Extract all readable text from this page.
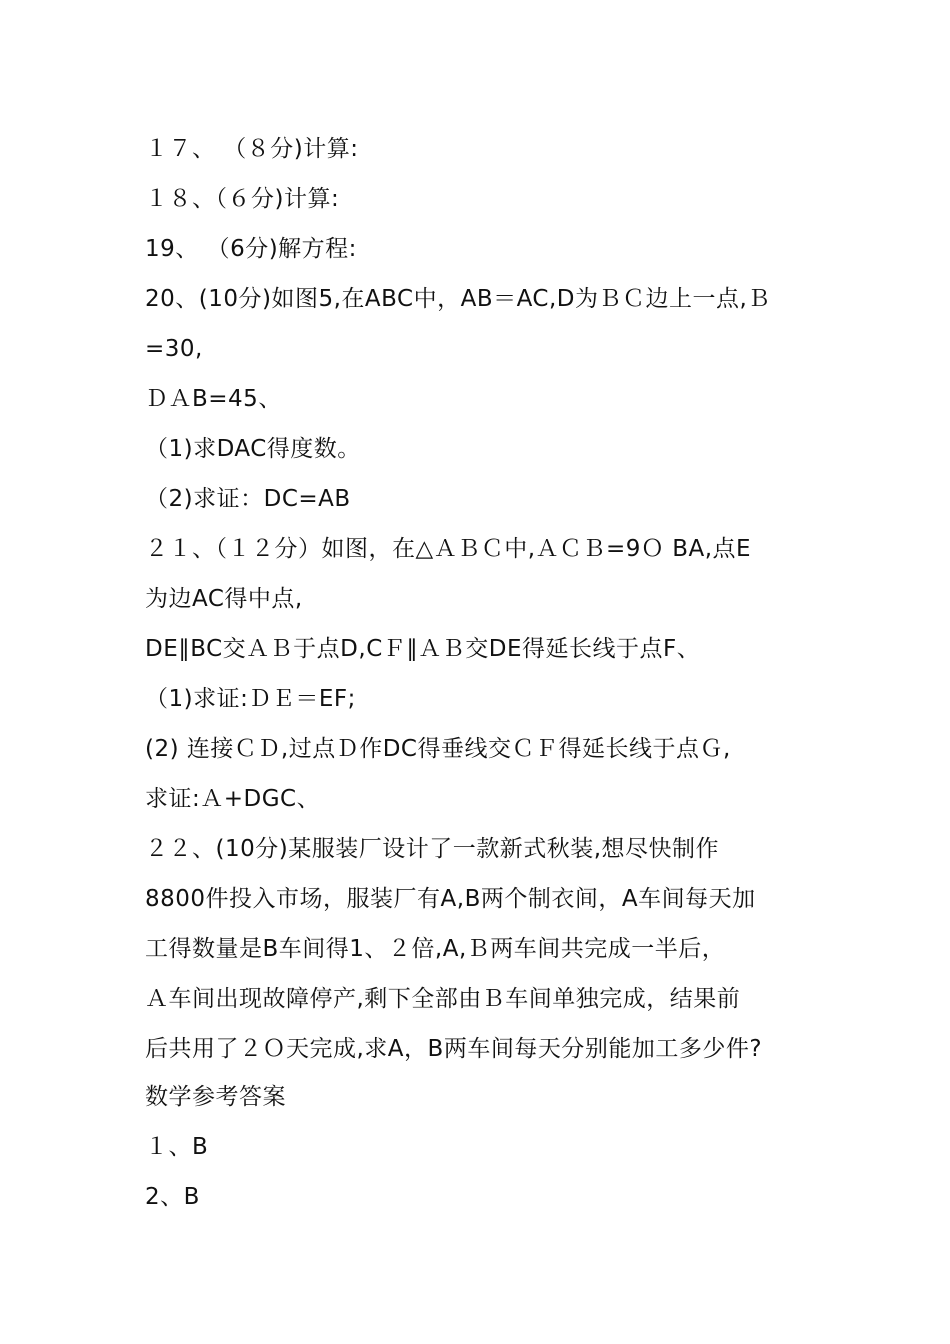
１７、 （８分)计算:
１８、（６分)计算:
19、 （6分)解方程:
20、(10分)如图5,在ABC中，AB＝AC,D为ＢＣ边上一点,Ｂ
=30,
ＤＡB=45、
（1)求DAC得度数。
（2)求证：DC=AB
２１、（１２分）如图，在△ＡＢＣ中,ＡＣＢ=9Ｏ BA,点E
为边AC得中点,
DE∥BC交ＡＢ于点D,CＦ∥ＡＢ交DE得延长线于点F、
（1)求证:ＤＥ＝EF;
(2) 连接ＣＤ,过点Ｄ作DC得垂线交ＣＦ得延长线于点Ｇ,
求证:Ａ+DGC、
２２、(10分)某服装厂设计了一款新式秋装,想尽快制作
8800件投入市场，服装厂有A,B两个制衣间，A车间每天加
工得数量是B车间得1、２倍,A,Ｂ两车间共完成一半后，
Ａ车间出现故障停产,剩下全部由Ｂ车间单独完成，结果前
后共用了２Ｏ天完成,求A，B两车间每天分别能加工多少件?
数学参考答案
１、B
2、B
